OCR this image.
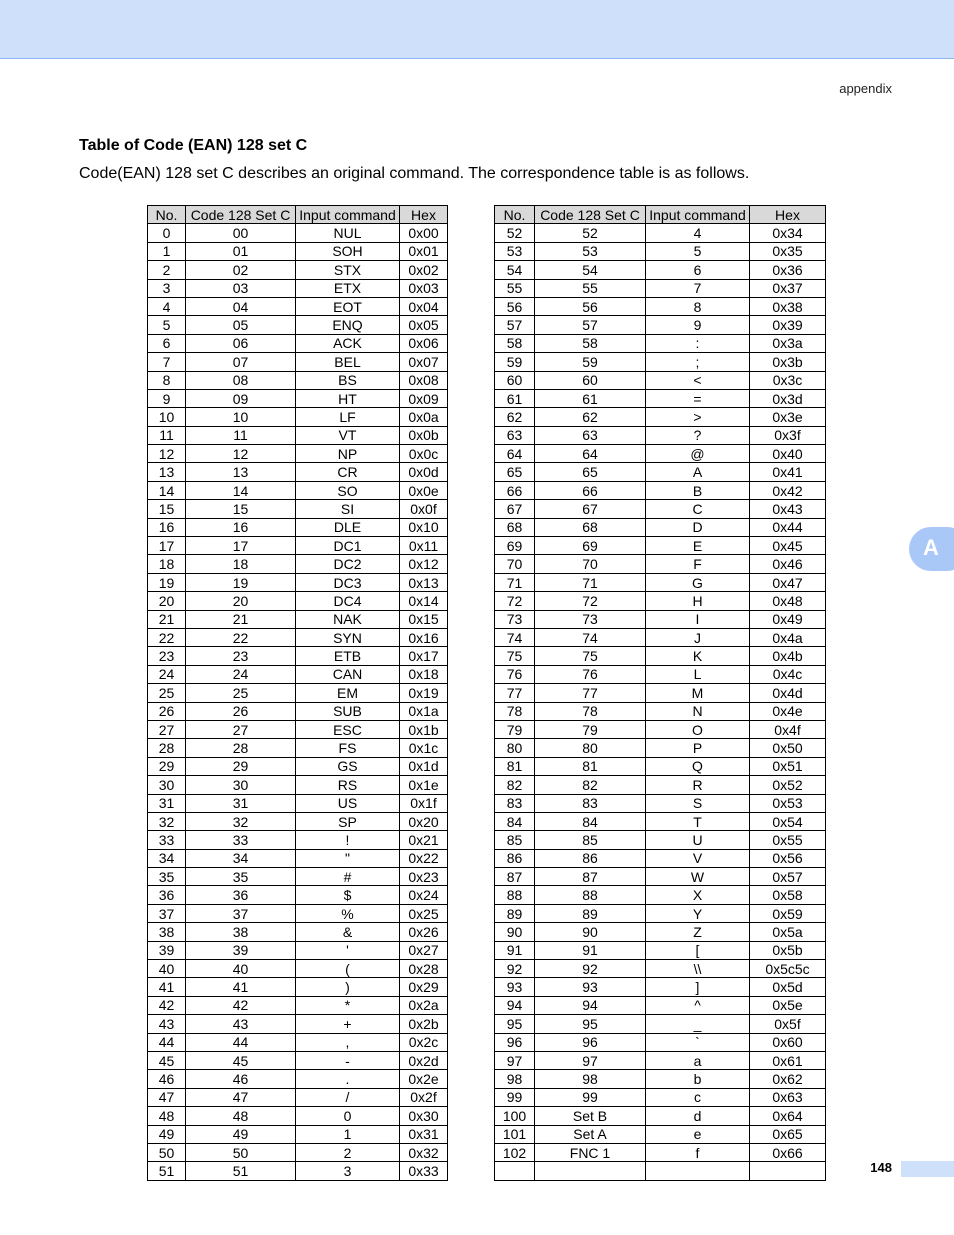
appendix
Table of Code (EAN) 128 set C
Code(EAN) 128 set C describes an original command. The correspondence table is as follows.
No.	Code 128 Set C	Input command	Hex
0	00	NUL	0x00
1	01	SOH	0x01
2	02	STX	0x02
3	03	ETX	0x03
4	04	EOT	0x04
5	05	ENQ	0x05
6	06	ACK	0x06
7	07	BEL	0x07
8	08	BS	0x08
9	09	HT	0x09
10	10	LF	0x0a
11	11	VT	0x0b
12	12	NP	0x0c
13	13	CR	0x0d
14	14	SO	0x0e
15	15	SI	0x0f
16	16	DLE	0x10
17	17	DC1	0x11
18	18	DC2	0x12
19	19	DC3	0x13
20	20	DC4	0x14
21	21	NAK	0x15
22	22	SYN	0x16
23	23	ETB	0x17
24	24	CAN	0x18
25	25	EM	0x19
26	26	SUB	0x1a
27	27	ESC	0x1b
28	28	FS	0x1c
29	29	GS	0x1d
30	30	RS	0x1e
31	31	US	0x1f
32	32	SP	0x20
33	33	!	0x21
34	34	"	0x22
35	35	#	0x23
36	36	$	0x24
37	37	%	0x25
38	38	&	0x26
39	39	'	0x27
40	40	(	0x28
41	41	)	0x29
42	42	*	0x2a
43	43	+	0x2b
44	44	,	0x2c
45	45	-	0x2d
46	46	.	0x2e
47	47	/	0x2f
48	48	0	0x30
49	49	1	0x31
50	50	2	0x32
51	51	3	0x33
No.	Code 128 Set C	Input command	Hex
52	52	4	0x34
53	53	5	0x35
54	54	6	0x36
55	55	7	0x37
56	56	8	0x38
57	57	9	0x39
58	58	:	0x3a
59	59	;	0x3b
60	60	<	0x3c
61	61	=	0x3d
62	62	>	0x3e
63	63	?	0x3f
64	64	@	0x40
65	65	A	0x41
66	66	B	0x42
67	67	C	0x43
68	68	D	0x44
69	69	E	0x45
70	70	F	0x46
71	71	G	0x47
72	72	H	0x48
73	73	I	0x49
74	74	J	0x4a
75	75	K	0x4b
76	76	L	0x4c
77	77	M	0x4d
78	78	N	0x4e
79	79	O	0x4f
80	80	P	0x50
81	81	Q	0x51
82	82	R	0x52
83	83	S	0x53
84	84	T	0x54
85	85	U	0x55
86	86	V	0x56
87	87	W	0x57
88	88	X	0x58
89	89	Y	0x59
90	90	Z	0x5a
91	91	[	0x5b
92	92	\\	0x5c5c
93	93	]	0x5d
94	94	^	0x5e
95	95	_	0x5f
96	96	`	0x60
97	97	a	0x61
98	98	b	0x62
99	99	c	0x63
100	Set B	d	0x64
101	Set A	e	0x65
102	FNC 1	f	0x66

A
148
